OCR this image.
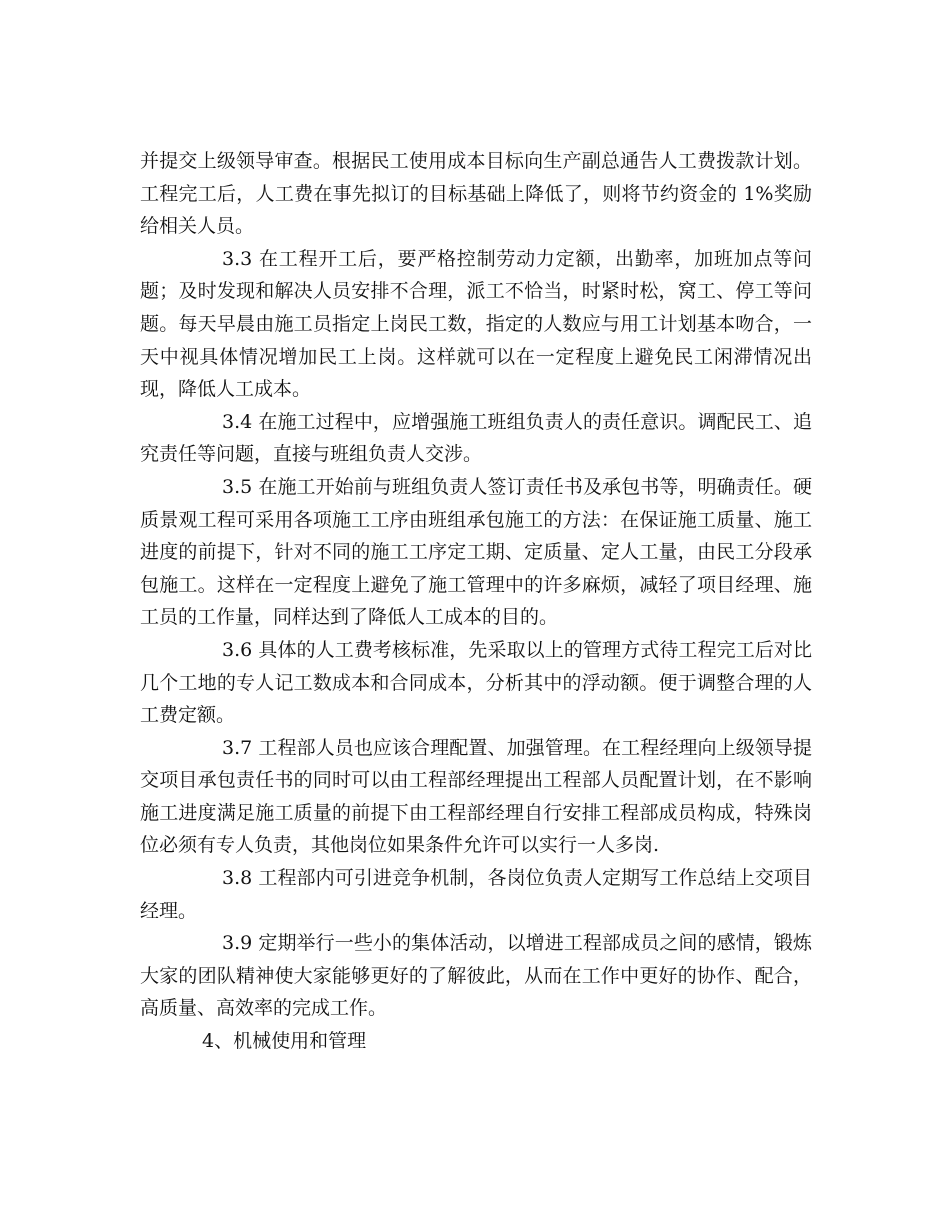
并提交上级领导审查。根据民工使用成本目标向生产副总通告人工费拨款计划。工程完工后，人工费在事先拟订的目标基础上降低了，则将节约资金的 1%奖励给相关人员。

3.3 在工程开工后，要严格控制劳动力定额，出勤率，加班加点等问题；及时发现和解决人员安排不合理，派工不恰当，时紧时松，窝工、停工等问题。每天早晨由施工员指定上岗民工数，指定的人数应与用工计划基本吻合，一天中视具体情况增加民工上岗。这样就可以在一定程度上避免民工闲滞情况出现，降低人工成本。

3.4 在施工过程中，应增强施工班组负责人的责任意识。调配民工、追究责任等问题，直接与班组负责人交涉。

3.5 在施工开始前与班组负责人签订责任书及承包书等，明确责任。硬质景观工程可采用各项施工工序由班组承包施工的方法：在保证施工质量、施工进度的前提下，针对不同的施工工序定工期、定质量、定人工量，由民工分段承包施工。这样在一定程度上避免了施工管理中的许多麻烦，减轻了项目经理、施工员的工作量，同样达到了降低人工成本的目的。

3.6 具体的人工费考核标准，先采取以上的管理方式待工程完工后对比几个工地的专人记工数成本和合同成本，分析其中的浮动额。便于调整合理的人工费定额。

3.7 工程部人员也应该合理配置、加强管理。在工程经理向上级领导提交项目承包责任书的同时可以由工程部经理提出工程部人员配置计划，在不影响施工进度满足施工质量的前提下由工程部经理自行安排工程部成员构成，特殊岗位必须有专人负责，其他岗位如果条件允许可以实行一人多岗.

3.8 工程部内可引进竞争机制，各岗位负责人定期写工作总结上交项目经理。

3.9 定期举行一些小的集体活动，以增进工程部成员之间的感情，锻炼大家的团队精神使大家能够更好的了解彼此，从而在工作中更好的协作、配合，高质量、高效率的完成工作。

4、机械使用和管理
